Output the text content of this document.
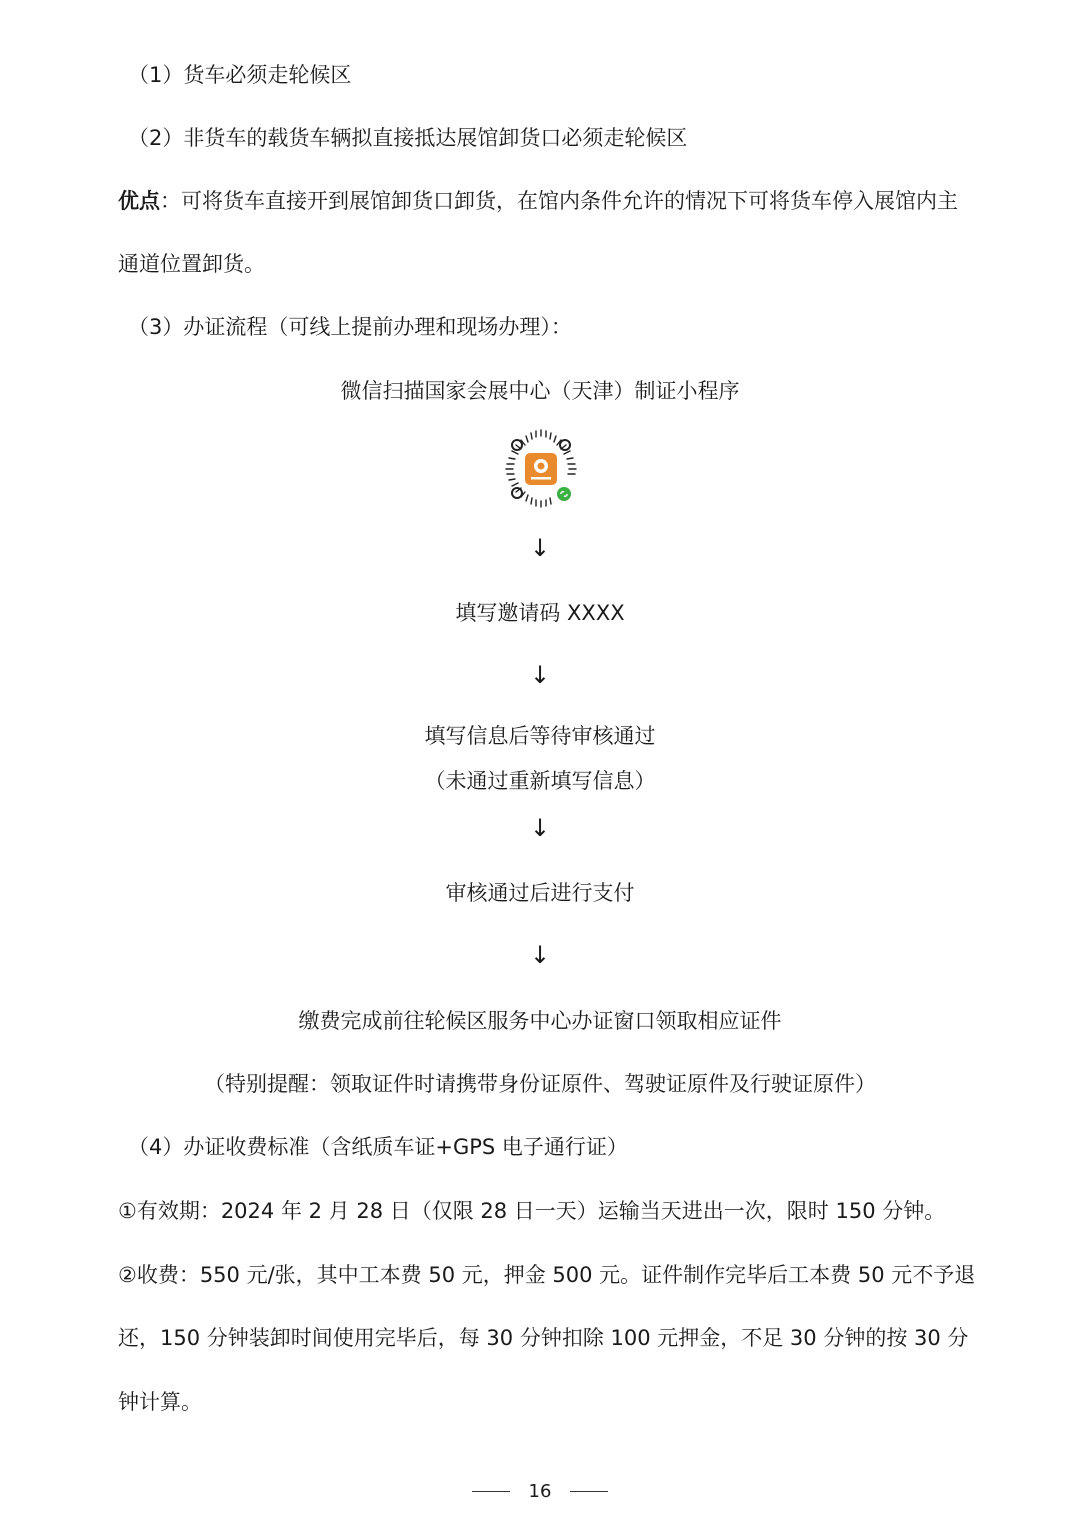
（1）货车必须走轮候区
（2）非货车的载货车辆拟直接抵达展馆卸货口必须走轮候区
优点：可将货车直接开到展馆卸货口卸货，在馆内条件允许的情况下可将货车停入展馆内主
通道位置卸货。
（3）办证流程（可线上提前办理和现场办理）：
微信扫描国家会展中心（天津）制证小程序
↓
填写邀请码 XXXX
↓
填写信息后等待审核通过
（未通过重新填写信息）
↓
审核通过后进行支付
↓
缴费完成前往轮候区服务中心办证窗口领取相应证件
（特别提醒：领取证件时请携带身份证原件、驾驶证原件及行驶证原件）
（4）办证收费标准（含纸质车证+GPS 电子通行证）
①有效期：2024 年 2 月 28 日（仅限 28 日一天）运输当天进出一次，限时 150 分钟。
②收费：550 元/张，其中工本费 50 元，押金 500 元。证件制作完毕后工本费 50 元不予退
还，150 分钟装卸时间使用完毕后，每 30 分钟扣除 100 元押金，不足 30 分钟的按 30 分
钟计算。
16
